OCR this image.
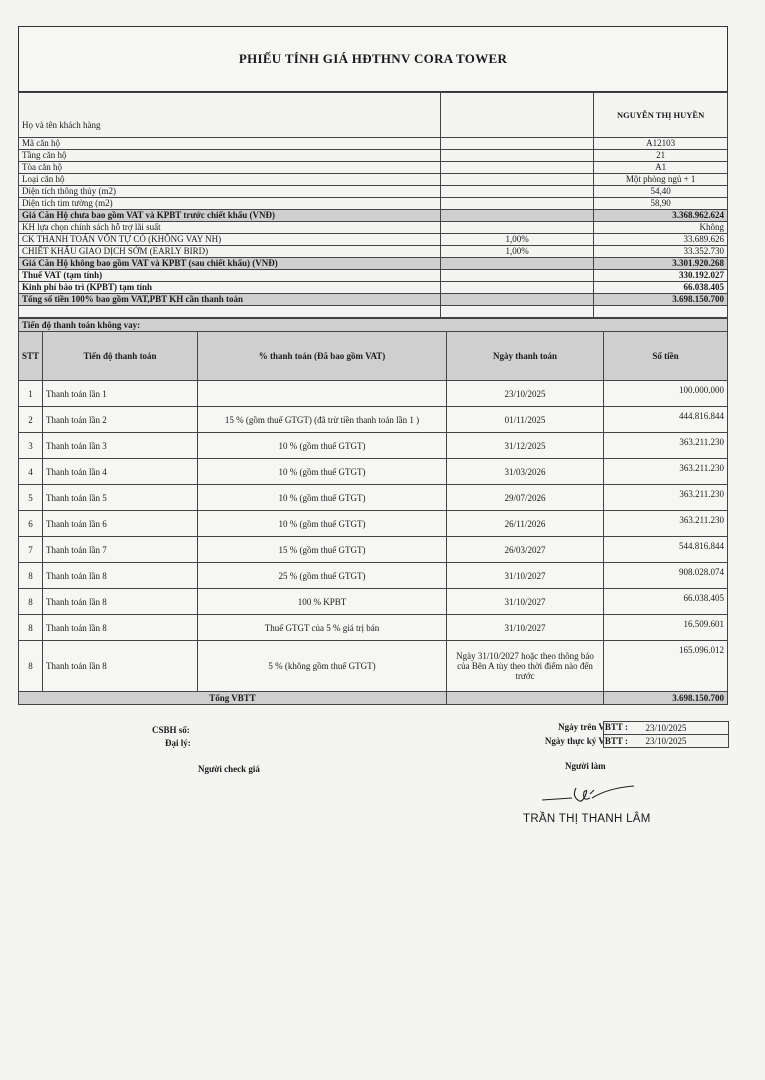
PHIẾU TÍNH GIÁ HĐTHNV CORA TOWER
Họ và tên khách hàng		NGUYỄN THỊ HUYỀN
Mã căn hộ		A12103
Tầng căn hộ		21
Tòa căn hộ		A1
Loại căn hộ		Một phòng ngủ + 1
Diện tích thông thủy (m2)		54,40
Diện tích tim tường (m2)		58,90
Giá Căn Hộ chưa bao gồm VAT và KPBT trước chiết khấu (VNĐ)		3.368.962.624
KH lựa chọn chính sách hỗ trợ lãi suất		Không
CK THANH TOÁN VỐN TỰ CÓ (KHÔNG VAY NH)	1,00%	33.689.626
CHIẾT KHẤU GIAO DỊCH SỚM (EARLY BIRD)	1,00%	33.352.730
Giá Căn Hộ không bao gồm VAT và KPBT (sau chiết khấu) (VNĐ)		3.301.920.268
Thuế VAT (tạm tính)		330.192.027
Kinh phí bảo trì (KPBT) tạm tính		66.038.405
Tổng số tiền 100% bao gồm VAT,PBT KH cần thanh toán		3.698.150.700

Tiến độ thanh toán không vay:
STT	Tiến độ thanh toán	% thanh toán (Đã bao gồm VAT)	Ngày thanh toán	Số tiền
1	Thanh toán lần 1		23/10/2025	100.000.000
2	Thanh toán lần 2	15 % (gồm thuế GTGT) (đã trừ tiền thanh toán lần 1 )	01/11/2025	444.816.844
3	Thanh toán lần 3	10 % (gồm thuế GTGT)	31/12/2025	363.211.230
4	Thanh toán lần 4	10 % (gồm thuế GTGT)	31/03/2026	363.211.230
5	Thanh toán lần 5	10 % (gồm thuế GTGT)	29/07/2026	363.211.230
6	Thanh toán lần 6	10 % (gồm thuế GTGT)	26/11/2026	363.211.230
7	Thanh toán lần 7	15 % (gồm thuế GTGT)	26/03/2027	544.816.844
8	Thanh toán lần 8	25 % (gồm thuế GTGT)	31/10/2027	908.028.074
8	Thanh toán lần 8	100 % KPBT	31/10/2027	66.038.405
8	Thanh toán lần 8	Thuế GTGT của 5 % giá trị bán	31/10/2027	16.509.601
8	Thanh toán lần 8	5 % (không gồm thuế GTGT)	Ngày 31/10/2027 hoặc theo thông báo của Bên A tùy theo thời điểm nào đến trước	165.096.012
Tổng VBTT				3.698.150.700
CSBH số:
Đại lý:
Người check giá
Ngày trên VBTT :	23/10/2025
Ngày thực ký VBTT :	23/10/2025
Người làm
TRẦN THỊ THANH LÂM
